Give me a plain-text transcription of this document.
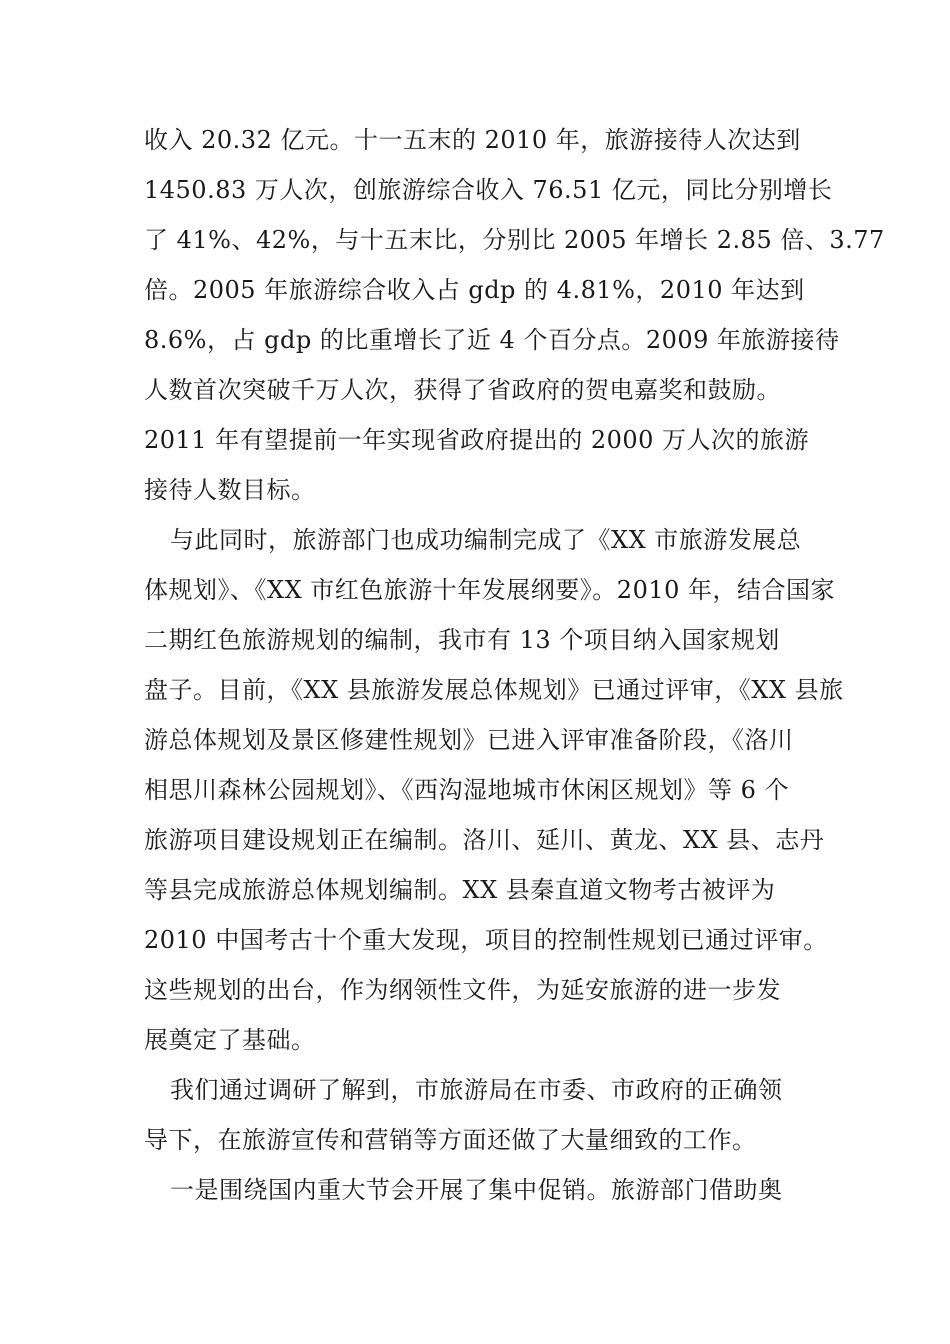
收入 20.32 亿元。十一五末的 2010 年，旅游接待人次达到
1450.83 万人次，创旅游综合收入 76.51 亿元，同比分别增长
了 41%、42%，与十五末比，分别比 2005 年增长 2.85 倍、3.77
倍。2005 年旅游综合收入占 gdp 的 4.81%，2010 年达到
8.6%，占 gdp 的比重增长了近 4 个百分点。2009 年旅游接待
人数首次突破千万人次，获得了省政府的贺电嘉奖和鼓励。
2011 年有望提前一年实现省政府提出的 2000 万人次的旅游
接待人数目标。
与此同时，旅游部门也成功编制完成了《XX 市旅游发展总
体规划》、《XX 市红色旅游十年发展纲要》。2010 年，结合国家
二期红色旅游规划的编制，我市有 13 个项目纳入国家规划
盘子。目前，《XX 县旅游发展总体规划》已通过评审，《XX 县旅
游总体规划及景区修建性规划》已进入评审准备阶段，《洛川
相思川森林公园规划》、《西沟湿地城市休闲区规划》等 6 个
旅游项目建设规划正在编制。洛川、延川、黄龙、XX 县、志丹
等县完成旅游总体规划编制。XX 县秦直道文物考古被评为
2010 中国考古十个重大发现，项目的控制性规划已通过评审。
这些规划的出台，作为纲领性文件，为延安旅游的进一步发
展奠定了基础。
我们通过调研了解到，市旅游局在市委、市政府的正确领
导下，在旅游宣传和营销等方面还做了大量细致的工作。
一是围绕国内重大节会开展了集中促销。旅游部门借助奥
